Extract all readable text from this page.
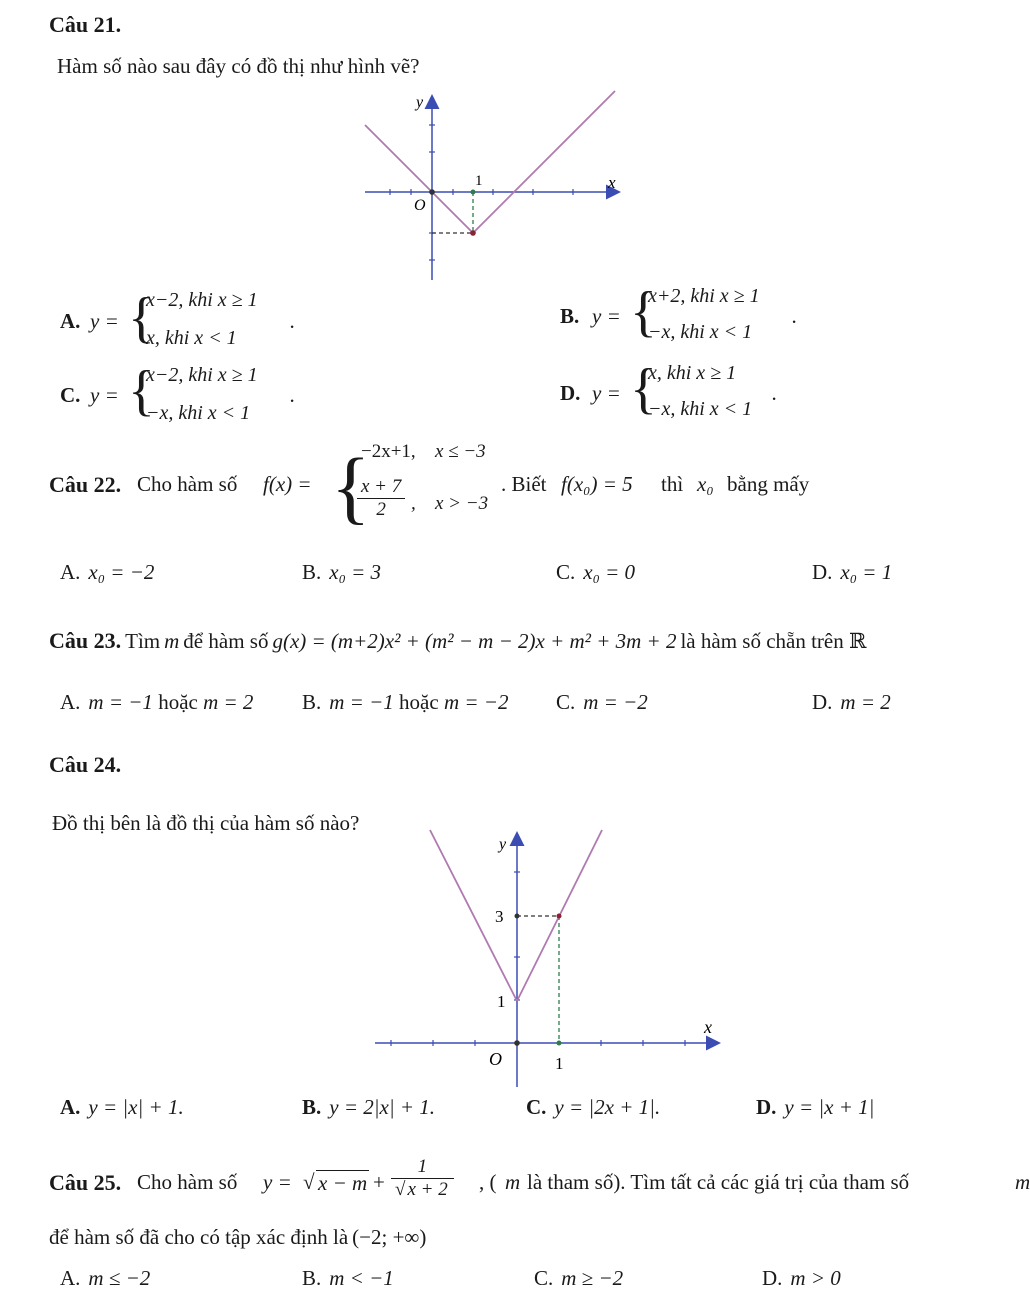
Câu 21.
Hàm số nào sau đây có đồ thị như hình vẽ?
y
x
O
1
A. y = {
x−2, khi x ≥ 1
x, khi x < 1
.	B. y = {
x+2, khi x ≥ 1
−x, khi x < 1
.
C. y = {
x−2, khi x ≥ 1
−x, khi x < 1
.	D. y = {
x, khi x ≥ 1
−x, khi x < 1
.
Câu 22. Cho hàm số f(x) = {
−2x+1, x ≤ −3
$\frac{x + 7}{2}$ , x > −3
. Biết f(x₀) = 5 thì x₀ bằng mấy
A. x₀ = −2	B. x₀ = 3	C. x₀ = 0	D. x₀ = 1
Câu 23. Tìm m để hàm số g(x) = (m+2)x² + (m² − m − 2)x + m² + 3m + 2 là hàm số chẵn trên ℝ
A. m = −1 hoặc m = 2 B. m = −1 hoặc m = −2 C. m = −2	D. m = 2
Câu 24.
Đồ thị bên là đồ thị của hàm số nào?
y
x
O	1
1
3
A. y = |x| + 1.	B. y = 2|x| + 1.	C. y = |2x + 1|.	D. y = |x + 1|
Câu 25. Cho hàm số y = √ $x - m + \frac{1}{√ x + 2}$ , ( m là tham số). Tìm tất cả các giá trị của tham số	m
để hàm số đã cho có tập xác định là (−2; +∞)
A. m ≤ −2	B. m < −1	C. m ≥ −2	D. m > 0
